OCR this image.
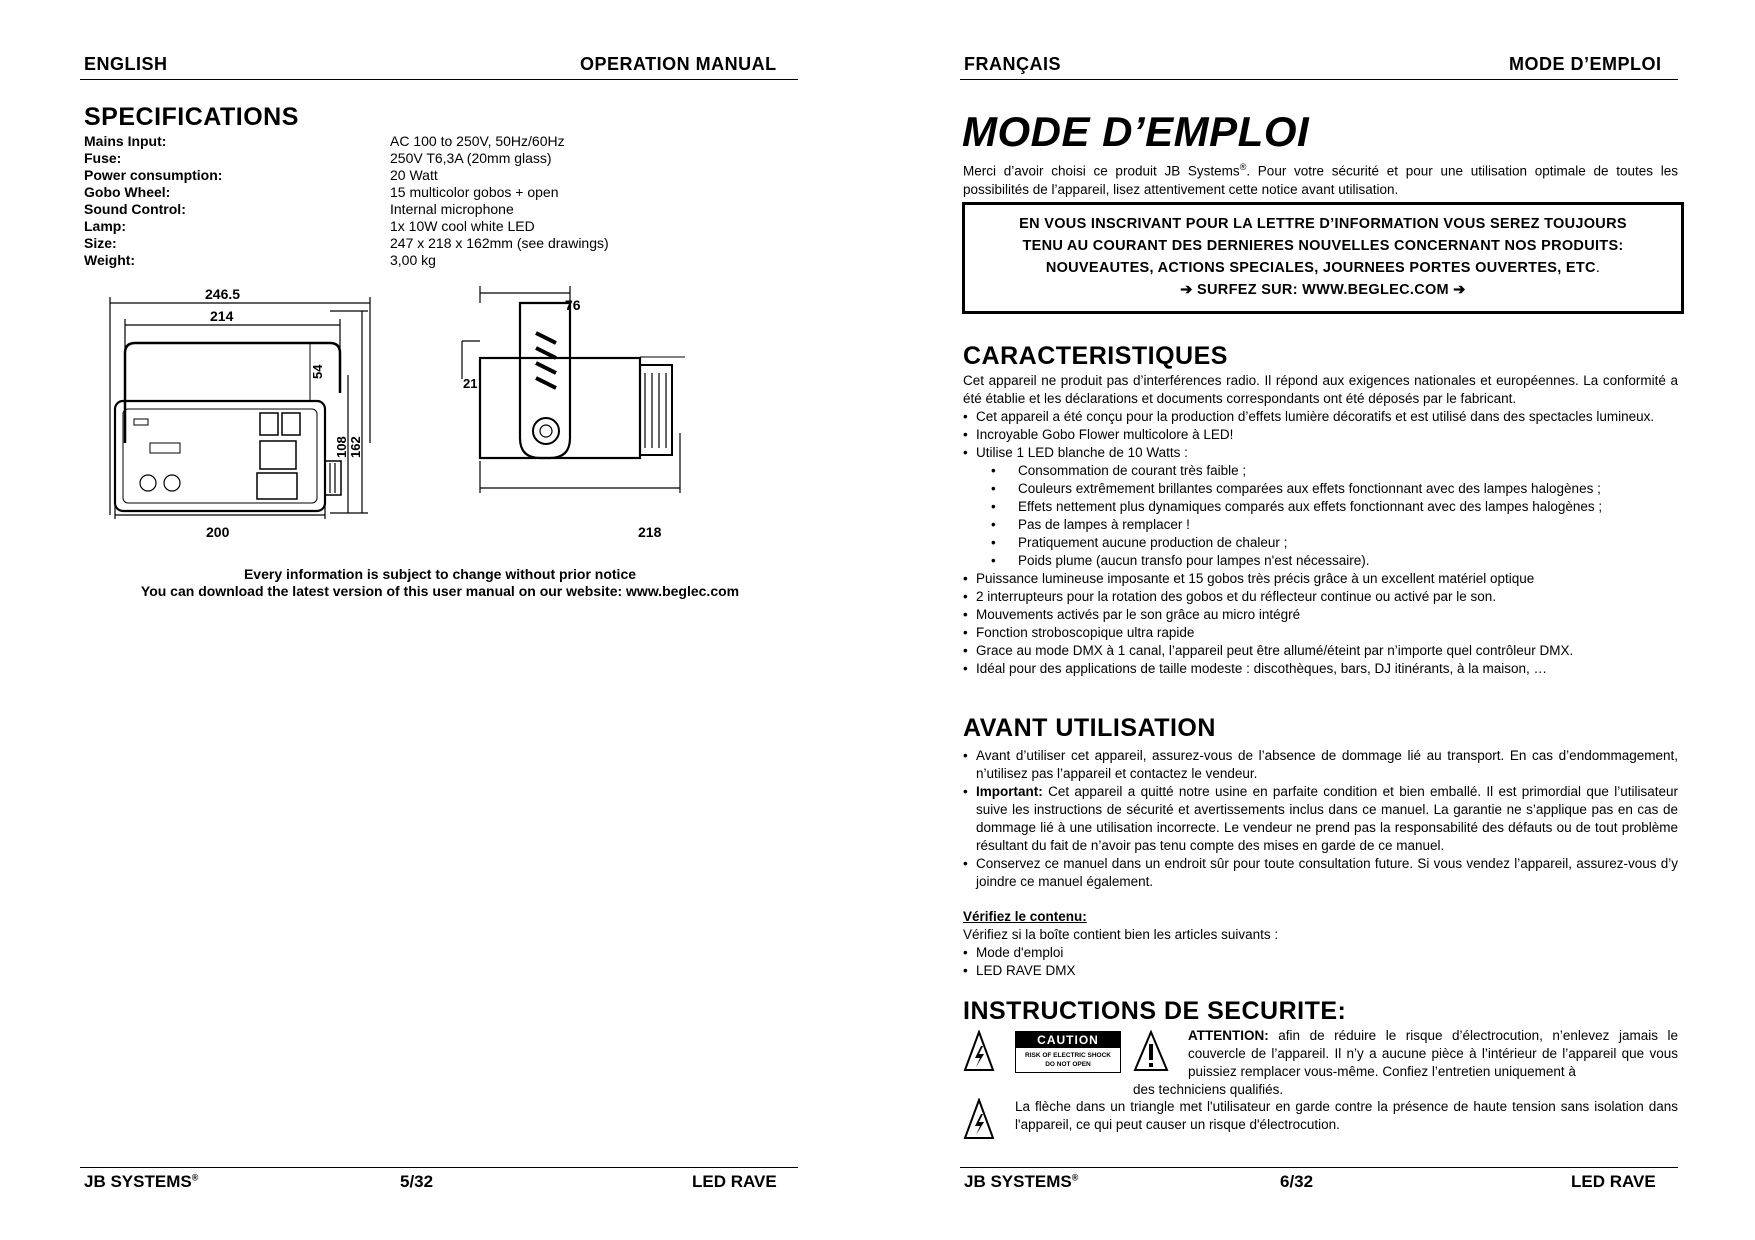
ENGLISH	OPERATION MANUAL
SPECIFICATIONS
Mains Input:	AC 100 to 250V, 50Hz/60Hz
Fuse:	250V T6,3A (20mm glass)
Power consumption:	20 Watt
Gobo Wheel:	15 multicolor gobos + open
Sound Control:	Internal microphone
Lamp:	1x 10W cool white LED
Size:	247 x 218 x 162mm (see drawings)
Weight:	3,00 kg
246.5
214
54
108 162
200
76
21
218
Every information is subject to change without prior notice
You can download the latest version of this user manual on our website: www.beglec.com
JB SYSTEMS®	5/32	LED RAVE
FRANÇAIS	MODE D’EMPLOI
MODE D’EMPLOI
Merci d’avoir choisi ce produit JB Systems®. Pour votre sécurité et pour une utilisation optimale de toutes les possibilités de l’appareil, lisez attentivement cette notice avant utilisation.
EN VOUS INSCRIVANT POUR LA LETTRE D’INFORMATION VOUS SEREZ TOUJOURS
TENU AU COURANT DES DERNIERES NOUVELLES CONCERNANT NOS PRODUITS:
NOUVEAUTES, ACTIONS SPECIALES, JOURNEES PORTES OUVERTES, ETC.
➔ SURFEZ SUR: WWW.BEGLEC.COM ➔
CARACTERISTIQUES
Cet appareil ne produit pas d’interférences radio. Il répond aux exigences nationales et européennes. La conformité a été établie et les déclarations et documents correspondants ont été déposés par le fabricant.
• Cet appareil a été conçu pour la production d’effets lumière décoratifs et est utilisé dans des spectacles lumineux.
• Incroyable Gobo Flower multicolore à LED!
• Utilise 1 LED blanche de 10 Watts :
• Consommation de courant très faible ;
• Couleurs extrêmement brillantes comparées aux effets fonctionnant avec des lampes halogènes ;
• Effets nettement plus dynamiques comparés aux effets fonctionnant avec des lampes halogènes ;
• Pas de lampes à remplacer !
• Pratiquement aucune production de chaleur ;
• Poids plume (aucun transfo pour lampes n'est nécessaire).
• Puissance lumineuse imposante et 15 gobos très précis grâce à un excellent matériel optique
• 2 interrupteurs pour la rotation des gobos et du réflecteur continue ou activé par le son.
• Mouvements activés par le son grâce au micro intégré
• Fonction stroboscopique ultra rapide
• Grace au mode DMX à 1 canal, l’appareil peut être allumé/éteint par n’importe quel contrôleur DMX.
• Idéal pour des applications de taille modeste : discothèques, bars, DJ itinérants, à la maison, …
AVANT UTILISATION
• Avant d’utiliser cet appareil, assurez-vous de l’absence de dommage lié au transport. En cas d’endommagement, n’utilisez pas l’appareil et contactez le vendeur.
• Important: Cet appareil a quitté notre usine en parfaite condition et bien emballé. Il est primordial que l’utilisateur suive les instructions de sécurité et avertissements inclus dans ce manuel. La garantie ne s’applique pas en cas de dommage lié à une utilisation incorrecte. Le vendeur ne prend pas la responsabilité des défauts ou de tout problème résultant du fait de n’avoir pas tenu compte des mises en garde de ce manuel.
• Conservez ce manuel dans un endroit sûr pour toute consultation future. Si vous vendez l’appareil, assurez-vous d’y joindre ce manuel également.
Vérifiez le contenu:
Vérifiez si la boîte contient bien les articles suivants :
• Mode d'emploi
• LED RAVE DMX
INSTRUCTIONS DE SECURITE:
CAUTION
RISK OF ELECTRIC SHOCK
DO NOT OPEN
ATTENTION: afin de réduire le risque d’électrocution, n’enlevez jamais le couvercle de l’appareil. Il n’y a aucune pièce à l’intérieur de l’appareil que vous puissiez remplacer vous-même. Confiez l’entretien uniquement à
des techniciens qualifiés.
La flèche dans un triangle met l'utilisateur en garde contre la présence de haute tension sans isolation dans l'appareil, ce qui peut causer un risque d'électrocution.
JB SYSTEMS®	6/32	LED RAVE
